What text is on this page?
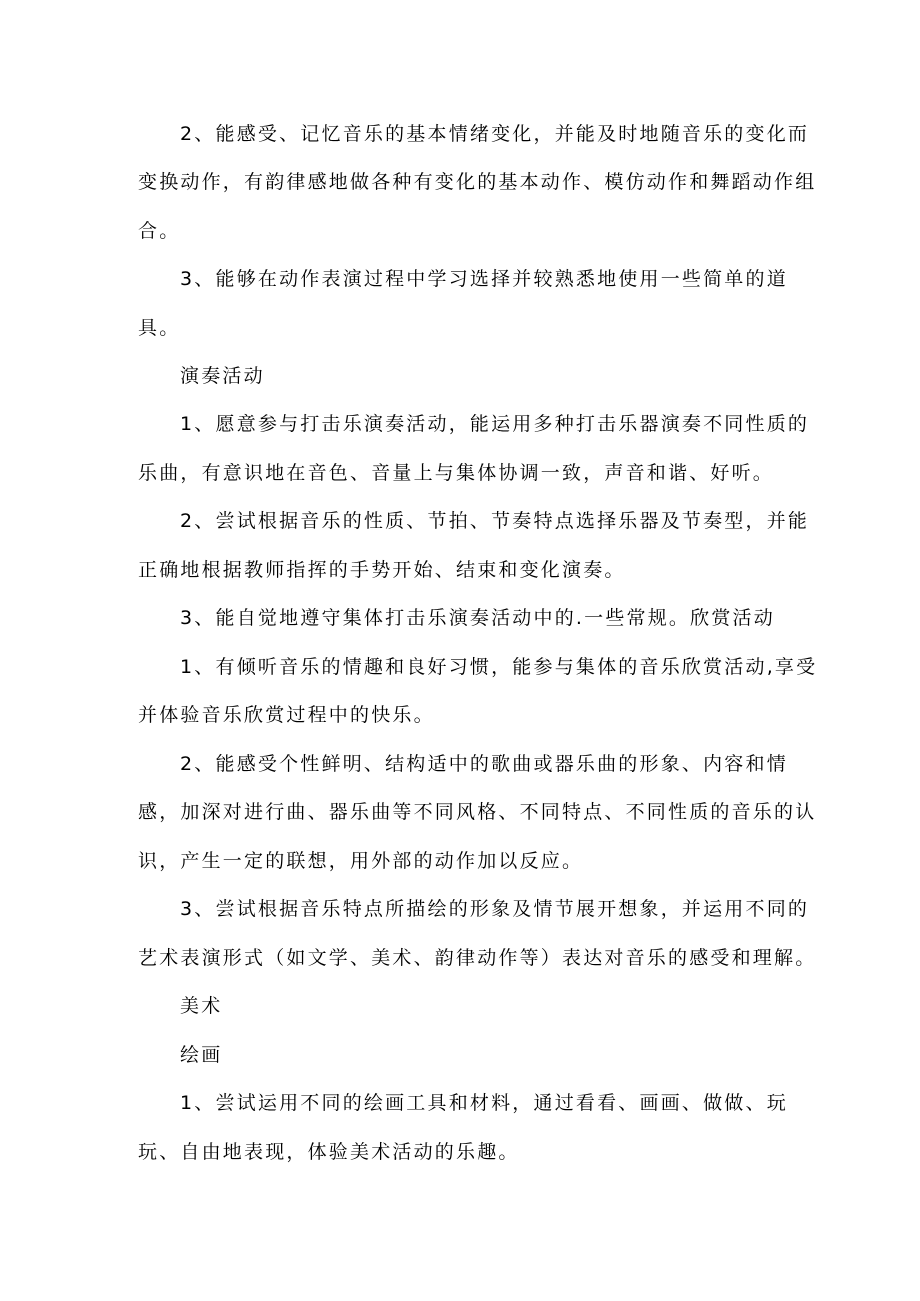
2、能感受、记忆音乐的基本情绪变化，并能及时地随音乐的变化而
变换动作，有韵律感地做各种有变化的基本动作、模仿动作和舞蹈动作组
合。
3、能够在动作表演过程中学习选择并较熟悉地使用一些简单的道
具。
演奏活动
1、愿意参与打击乐演奏活动，能运用多种打击乐器演奏不同性质的
乐曲，有意识地在音色、音量上与集体协调一致，声音和谐、好听。
2、尝试根据音乐的性质、节拍、节奏特点选择乐器及节奏型，并能
正确地根据教师指挥的手势开始、结束和变化演奏。
3、能自觉地遵守集体打击乐演奏活动中的.一些常规。欣赏活动
1、有倾听音乐的情趣和良好习惯，能参与集体的音乐欣赏活动,享受
并体验音乐欣赏过程中的快乐。
2、能感受个性鲜明、结构适中的歌曲或器乐曲的形象、内容和情
感，加深对进行曲、器乐曲等不同风格、不同特点、不同性质的音乐的认
识，产生一定的联想，用外部的动作加以反应。
3、尝试根据音乐特点所描绘的形象及情节展开想象，并运用不同的
艺术表演形式（如文学、美术、韵律动作等）表达对音乐的感受和理解。
美术
绘画
1、尝试运用不同的绘画工具和材料，通过看看、画画、做做、玩
玩、自由地表现，体验美术活动的乐趣。
